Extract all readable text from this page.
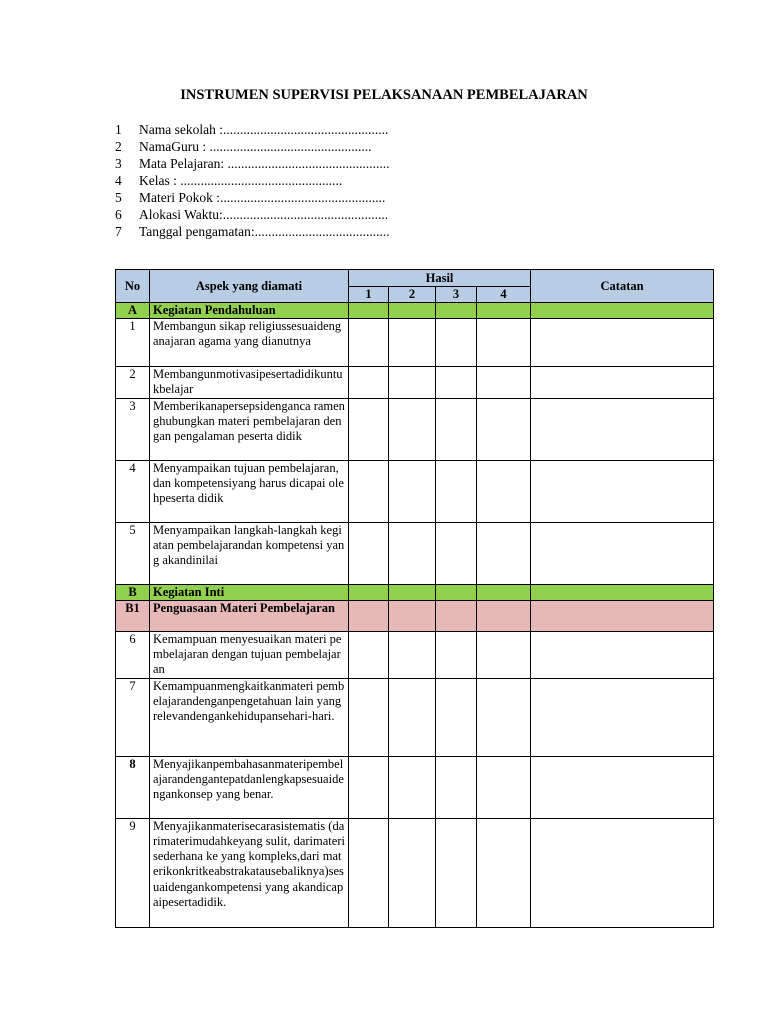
INSTRUMEN SUPERVISI PELAKSANAAN PEMBELAJARAN
1	Nama sekolah :.................................................
2	NamaGuru : ................................................
3	Mata Pelajaran: ................................................
4	Kelas : ................................................
5	Materi Pokok :.................................................
6	Alokasi Waktu:.................................................
7	Tanggal pengamatan:........................................
No	Aspek yang diamati	Hasil				Catatan
		1	2	3	4	
A	Kegiatan Pendahuluan					
1	Membangun sikap religiussesuaidenganajaran agama yang dianutnya					
2	Membangunmotivasipesertadidikuntukbelajar					
3	Memberikanapersepsidenganca ramenghubungkan materi pembelajaran dengan pengalaman peserta didik					
4	Menyampaikan tujuan pembelajaran, dan kompetensiyang harus dicapai olehpeserta didik					
5	Menyampaikan langkah-langkah kegiatan pembelajarandan kompetensi yang akandinilai					
B	Kegiatan Inti					
B1	Penguasaan Materi Pembelajaran					
6	Kemampuan menyesuaikan materi pembelajaran dengan tujuan pembelajaran					
7	Kemampuanmengkaitkanmateri pembelajarandenganpengetahuan lain yang relevandengankehidupansehari-hari.					
8	Menyajikanpembahasanmateripembelajarandengantepatdanlengkapsesuaidengankonsep yang benar.					
9	Menyajikanmaterisecarasistematis (darimaterimudahkeyang sulit, darimaterisederhana ke yang kompleks,dari materikonkritkeabstrakatausebaliknya)sesuaidengankompetensi yang akandicapaipesertadidik.					
